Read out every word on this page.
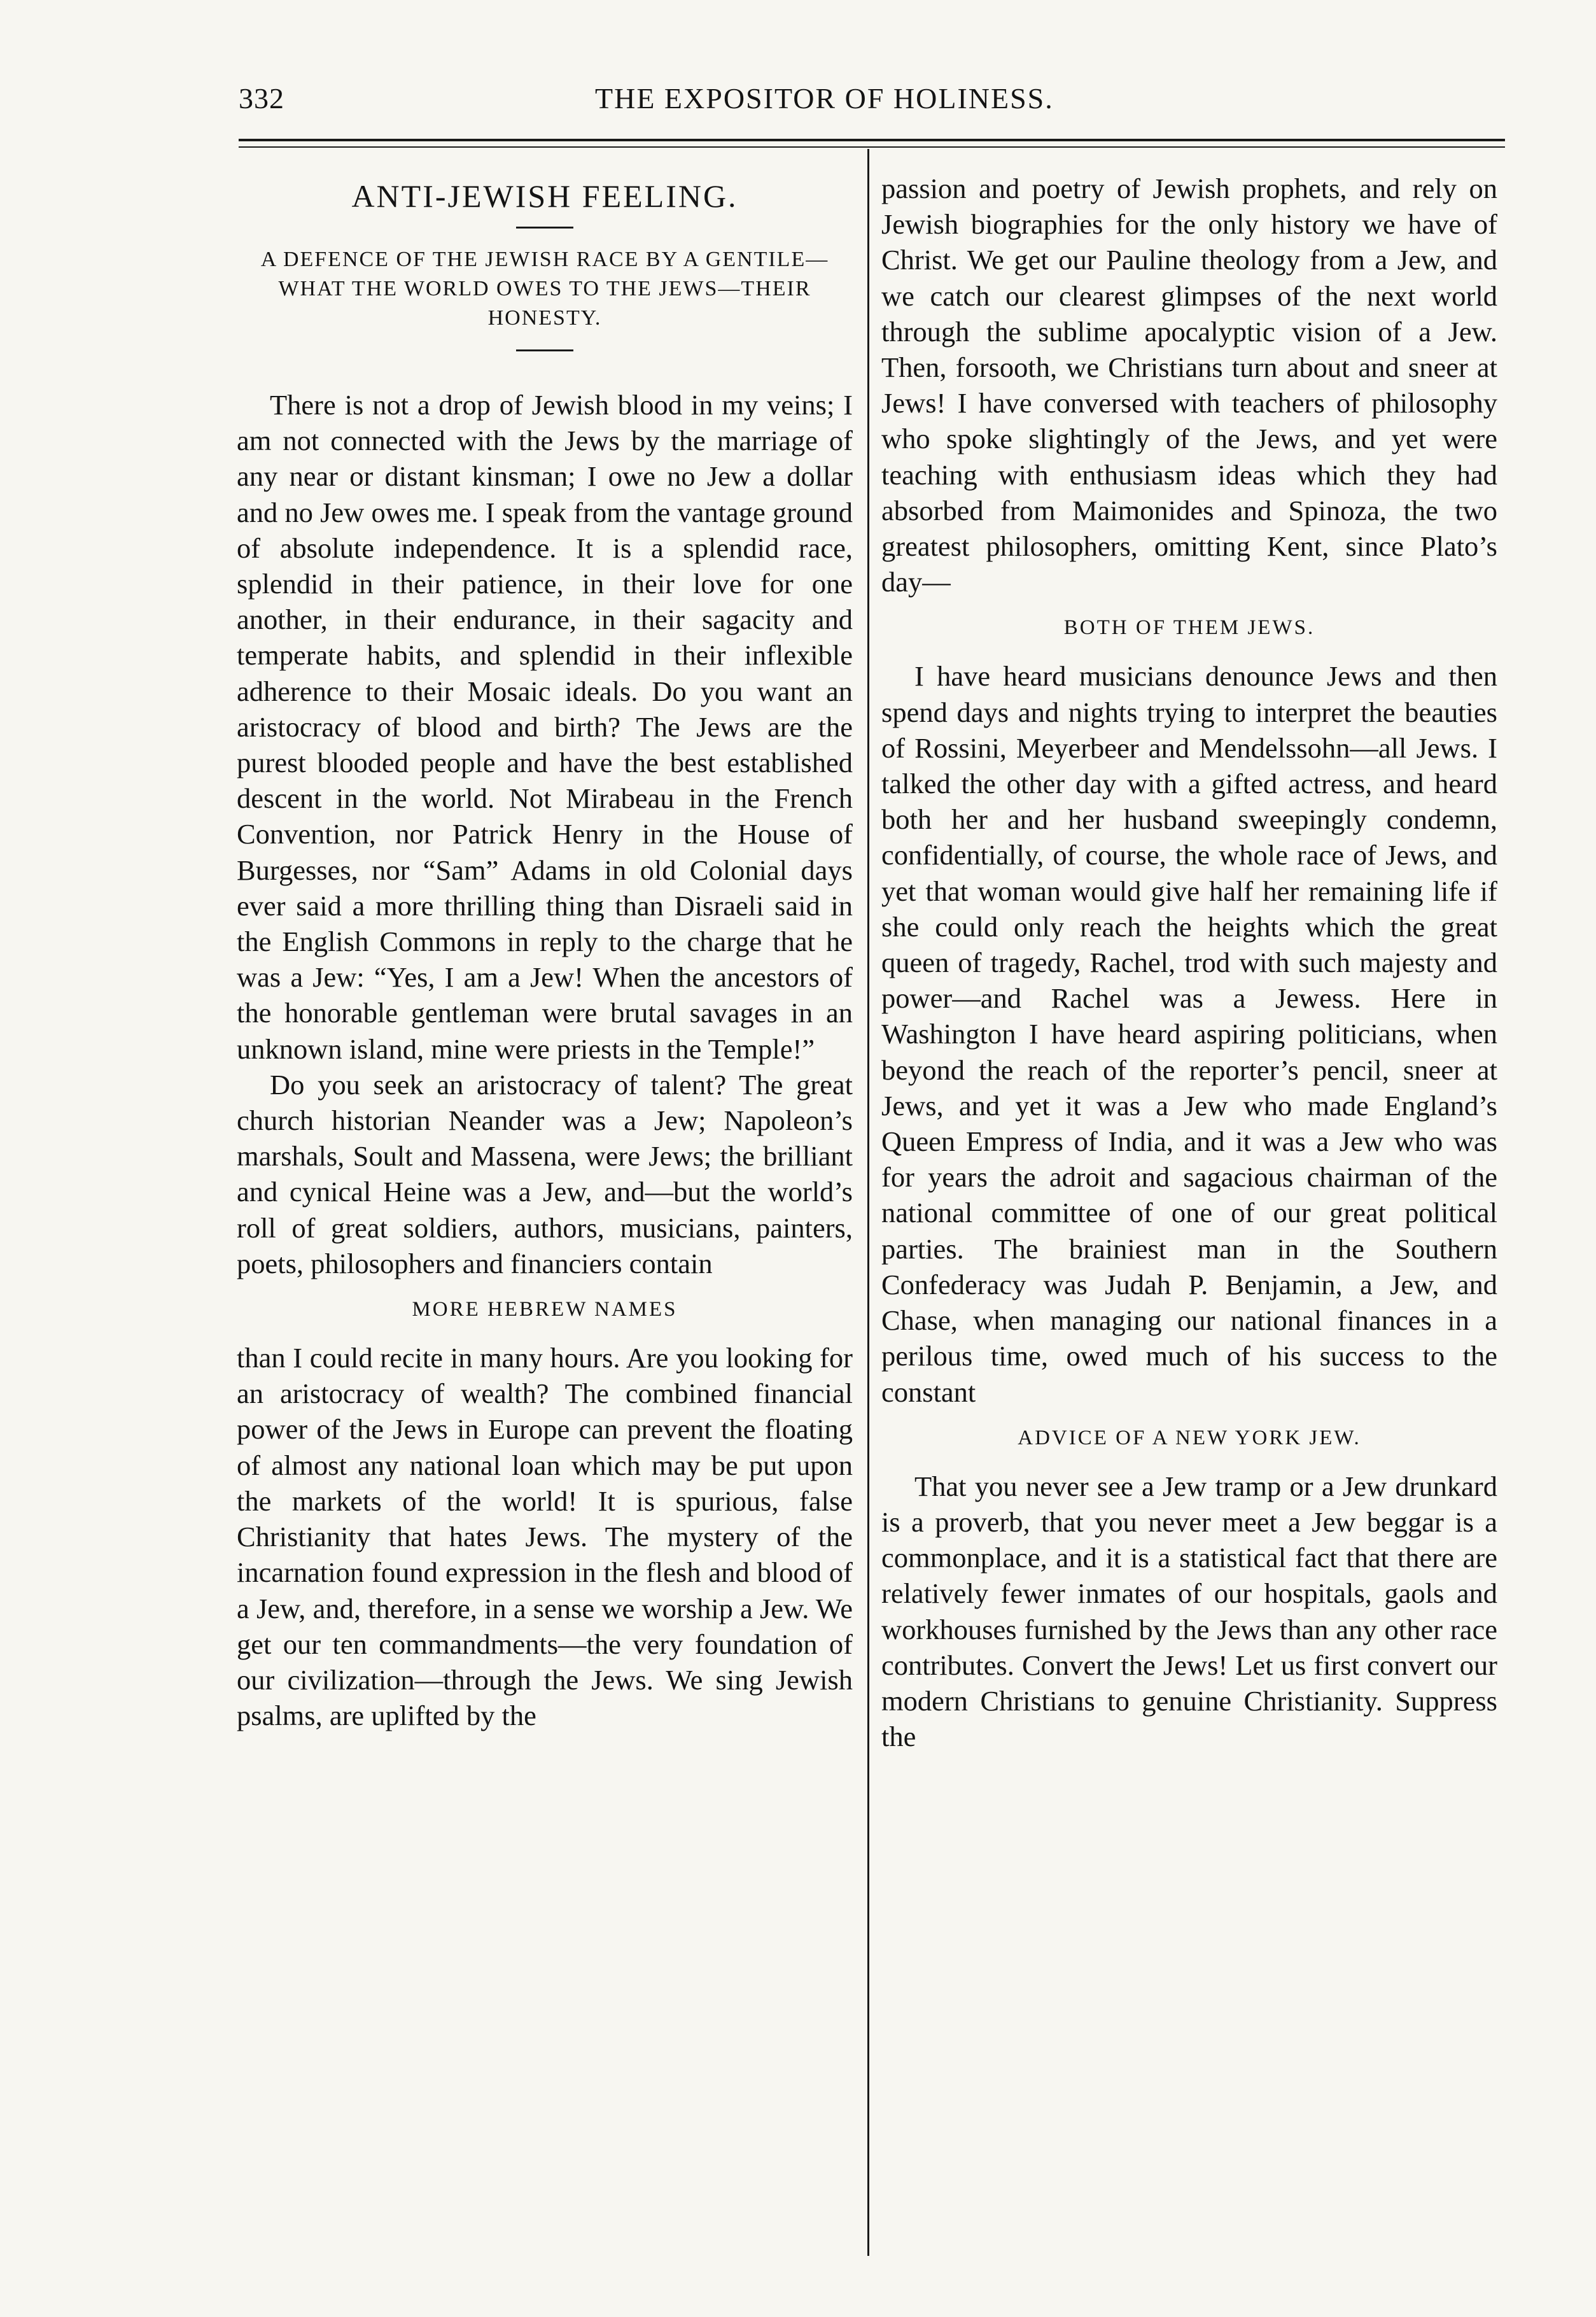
332	THE EXPOSITOR OF HOLINESS.
ANTI-JEWISH FEELING.
A DEFENCE OF THE JEWISH RACE BY A GENTILE—WHAT THE WORLD OWES TO THE JEWS—THEIR HONESTY.

There is not a drop of Jewish blood in my veins; I am not connected with the Jews by the marriage of any near or distant kinsman; I owe no Jew a dollar and no Jew owes me. I speak from the vantage ground of absolute independence. It is a splendid race, splendid in their patience, in their love for one another, in their endurance, in their sagacity and temperate habits, and splendid in their inflexible adherence to their Mosaic ideals. Do you want an aristocracy of blood and birth? The Jews are the purest blooded people and have the best established descent in the world. Not Mirabeau in the French Convention, nor Patrick Henry in the House of Burgesses, nor “Sam” Adams in old Colonial days ever said a more thrilling thing than Disraeli said in the English Commons in reply to the charge that he was a Jew: “Yes, I am a Jew! When the ancestors of the honorable gentleman were brutal savages in an unknown island, mine were priests in the Temple!”

Do you seek an aristocracy of talent? The great church historian Neander was a Jew; Napoleon’s marshals, Soult and Massena, were Jews; the brilliant and cynical Heine was a Jew, and—but the world’s roll of great soldiers, authors, musicians, painters, poets, philosophers and financiers contain

MORE HEBREW NAMES

than I could recite in many hours. Are you looking for an aristocracy of wealth? The combined financial power of the Jews in Europe can prevent the floating of almost any national loan which may be put upon the markets of the world! It is spurious, false Christianity that hates Jews. The mystery of the incarnation found expression in the flesh and blood of a Jew, and, therefore, in a sense we worship a Jew. We get our ten commandments—the very foundation of our civilization—through the Jews. We sing Jewish psalms, are uplifted by the

passion and poetry of Jewish prophets, and rely on Jewish biographies for the only history we have of Christ. We get our Pauline theology from a Jew, and we catch our clearest glimpses of the next world through the sublime apocalyptic vision of a Jew. Then, forsooth, we Christians turn about and sneer at Jews! I have conversed with teachers of philosophy who spoke slightingly of the Jews, and yet were teaching with enthusiasm ideas which they had absorbed from Maimonides and Spinoza, the two greatest philosophers, omitting Kent, since Plato’s day—

BOTH OF THEM JEWS.

I have heard musicians denounce Jews and then spend days and nights trying to interpret the beauties of Rossini, Meyerbeer and Mendelssohn—all Jews. I talked the other day with a gifted actress, and heard both her and her husband sweepingly condemn, confidentially, of course, the whole race of Jews, and yet that woman would give half her remaining life if she could only reach the heights which the great queen of tragedy, Rachel, trod with such majesty and power—and Rachel was a Jewess. Here in Washington I have heard aspiring politicians, when beyond the reach of the reporter’s pencil, sneer at Jews, and yet it was a Jew who made England’s Queen Empress of India, and it was a Jew who was for years the adroit and sagacious chairman of the national committee of one of our great political parties. The brainiest man in the Southern Confederacy was Judah P. Benjamin, a Jew, and Chase, when managing our national finances in a perilous time, owed much of his success to the constant

ADVICE OF A NEW YORK JEW.

That you never see a Jew tramp or a Jew drunkard is a proverb, that you never meet a Jew beggar is a commonplace, and it is a statistical fact that there are relatively fewer inmates of our hospitals, gaols and workhouses furnished by the Jews than any other race contributes. Convert the Jews! Let us first convert our modern Christians to genuine Christianity. Suppress the
